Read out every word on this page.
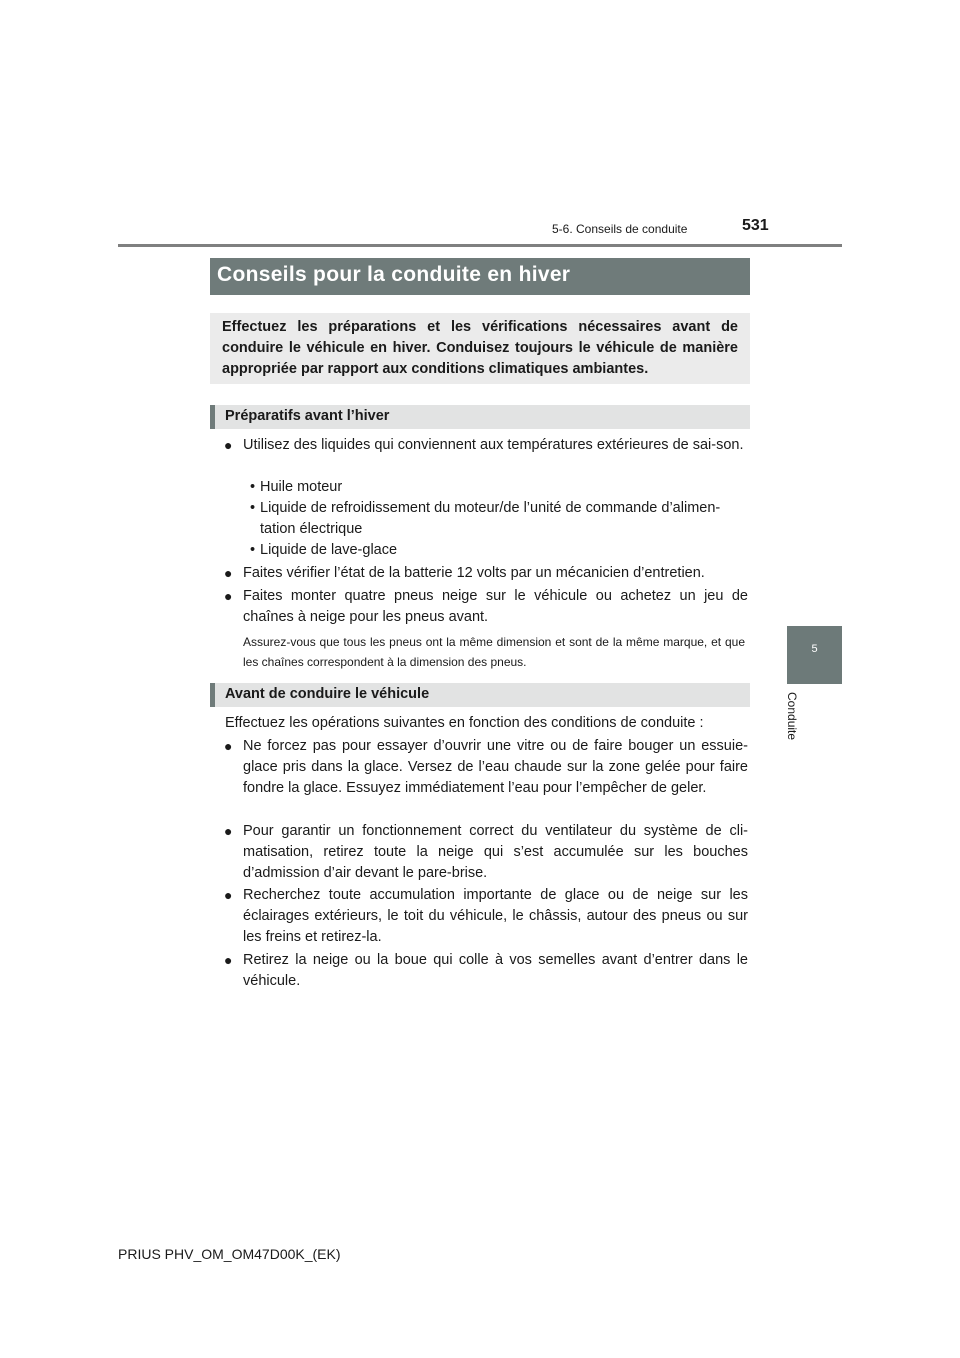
5-6. Conseils de conduite	531
5
Conduite
Conseils pour la conduite en hiver
Effectuez les préparations et les vérifications nécessaires avant de conduire le véhicule en hiver. Conduisez toujours le véhicule de manière appropriée par rapport aux conditions climatiques ambiantes.
Préparatifs avant l’hiver
● Utilisez des liquides qui conviennent aux températures extérieures de sai-son.
• Huile moteur
• Liquide de refroidissement du moteur/de l’unité de commande d’alimen-tation électrique
• Liquide de lave-glace
● Faites vérifier l’état de la batterie 12 volts par un mécanicien d’entretien.
● Faites monter quatre pneus neige sur le véhicule ou achetez un jeu de chaînes à neige pour les pneus avant.
Assurez-vous que tous les pneus ont la même dimension et sont de la même marque, et que les chaînes correspondent à la dimension des pneus.
Avant de conduire le véhicule
Effectuez les opérations suivantes en fonction des conditions de conduite :
● Ne forcez pas pour essayer d’ouvrir une vitre ou de faire bouger un essuie-glace pris dans la glace. Versez de l’eau chaude sur la zone gelée pour faire fondre la glace. Essuyez immédiatement l’eau pour l’empêcher de geler.
● Pour garantir un fonctionnement correct du ventilateur du système de cli-matisation, retirez toute la neige qui s’est accumulée sur les bouches d’admission d’air devant le pare-brise.
● Recherchez toute accumulation importante de glace ou de neige sur les éclairages extérieurs, le toit du véhicule, le châssis, autour des pneus ou sur les freins et retirez-la.
● Retirez la neige ou la boue qui colle à vos semelles avant d’entrer dans le véhicule.
PRIUS PHV_OM_OM47D00K_(EK)
